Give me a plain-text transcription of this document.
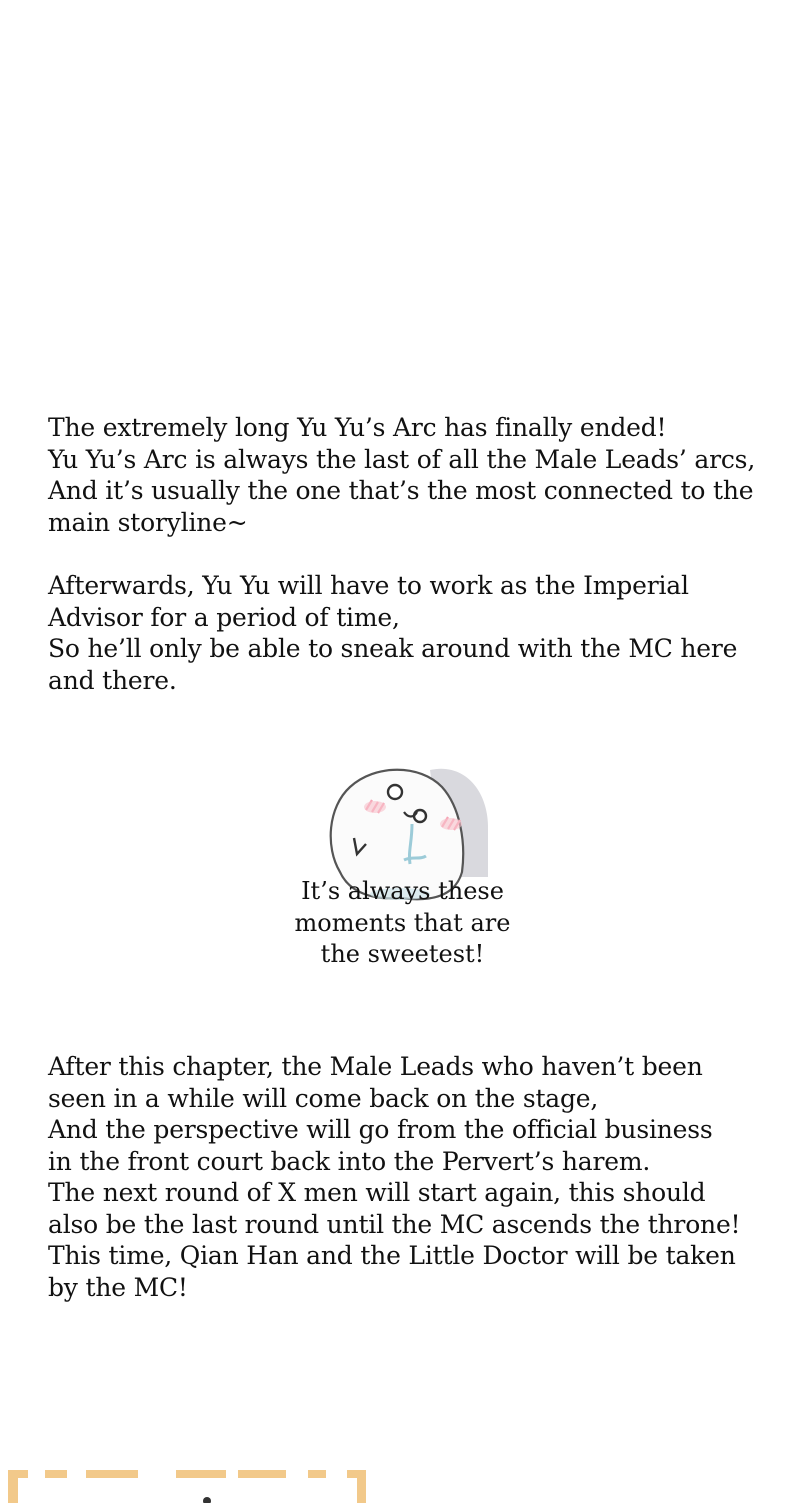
The extremely long Yu Yu’s Arc has finally ended!
Yu Yu’s Arc is always the last of all the Male Leads’ arcs,
And it’s usually the one that’s the most connected to the
main storyline~
Afterwards, Yu Yu will have to work as the Imperial
Advisor for a period of time,
So he’ll only be able to sneak around with the MC here
and there.
It’s always these
moments that are
the sweetest!
After this chapter, the Male Leads who haven’t been
seen in a while will come back on the stage,
And the perspective will go from the official business
in the front court back into the Pervert’s harem.
The next round of X men will start again, this should
also be the last round until the MC ascends the throne!
This time, Qian Han and the Little Doctor will be taken
by the MC!
